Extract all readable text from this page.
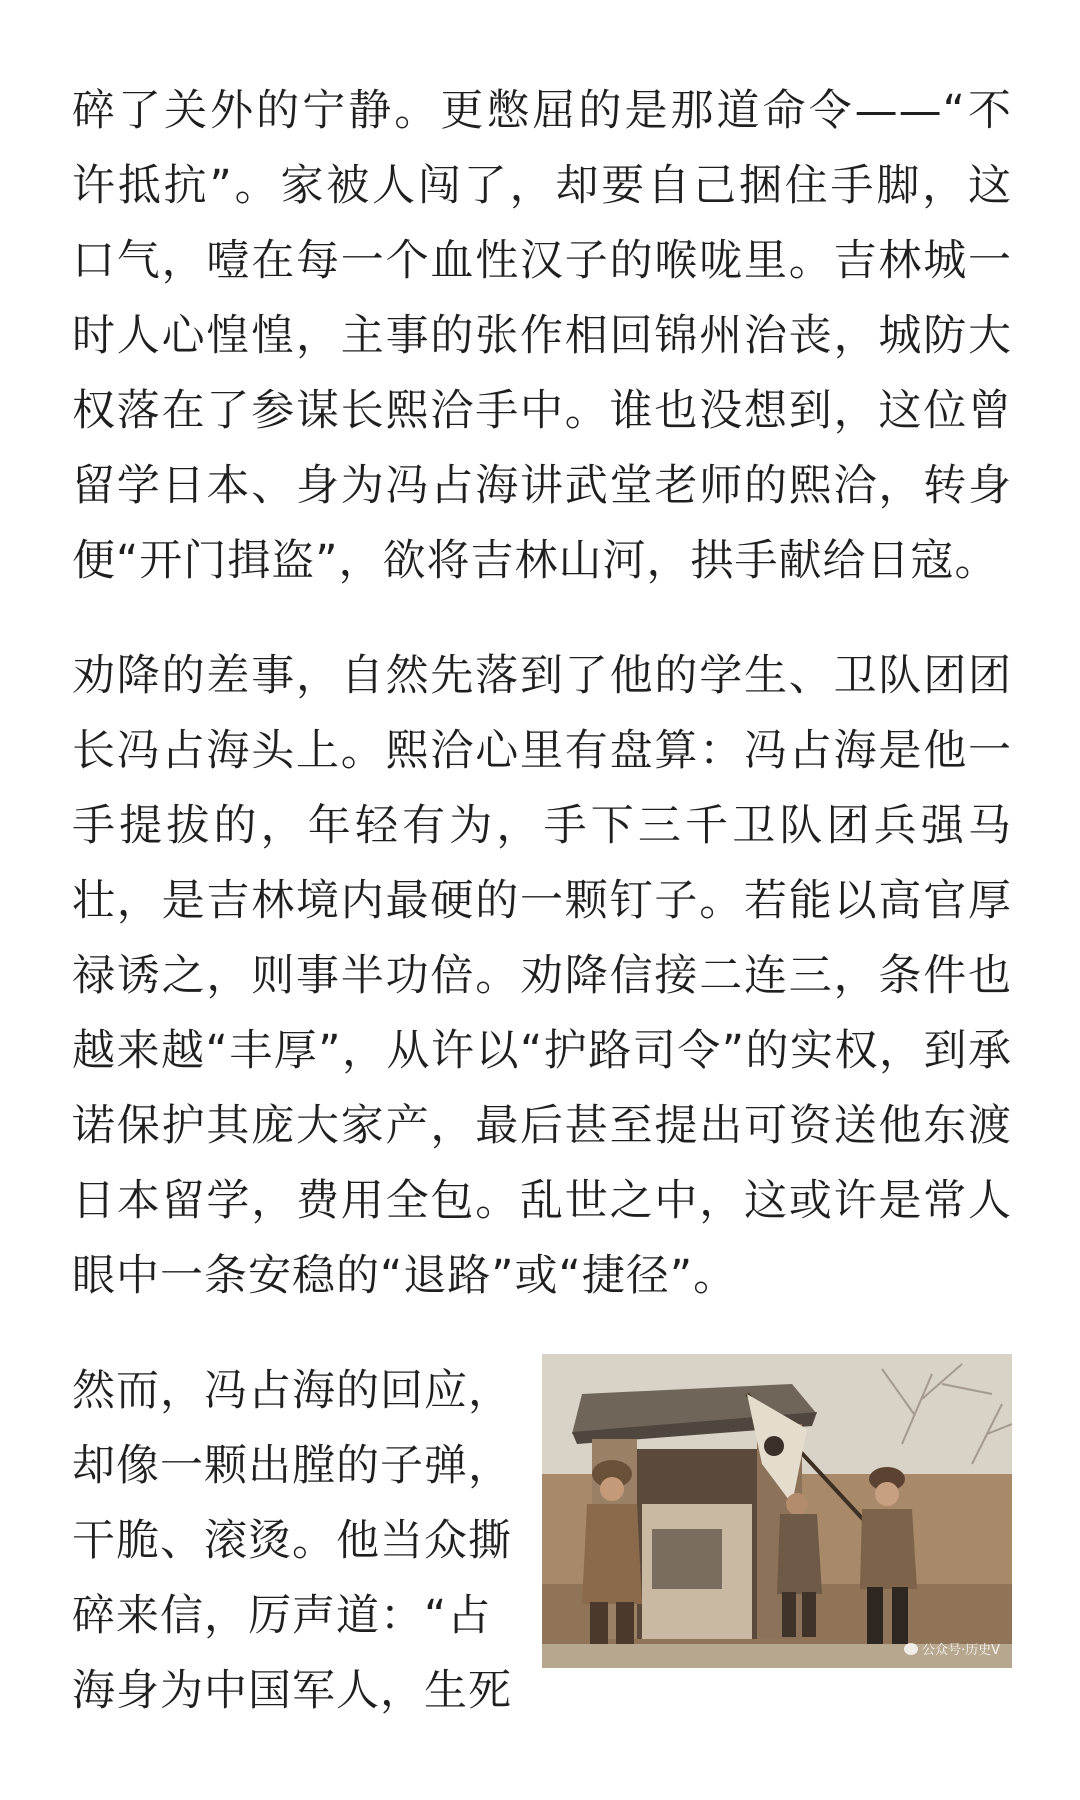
碎了关外的宁静。更憋屈的是那道命令——“不许抵抗”。家被人闯了，却要自己捆住手脚，这口气，噎在每一个血性汉子的喉咙里。吉林城一时人心惶惶，主事的张作相回锦州治丧，城防大权落在了参谋长熙洽手中。谁也没想到，这位曾留学日本、身为冯占海讲武堂老师的熙洽，转身便“开门揖盗”，欲将吉林山河，拱手献给日寇。

劝降的差事，自然先落到了他的学生、卫队团团长冯占海头上。熙洽心里有盘算：冯占海是他一手提拔的，年轻有为，手下三千卫队团兵强马壮，是吉林境内最硬的一颗钉子。若能以高官厚禄诱之，则事半功倍。劝降信接二连三，条件也越来越“丰厚”，从许以“护路司令”的实权，到承诺保护其庞大家产，最后甚至提出可资送他东渡日本留学，费用全包。乱世之中，这或许是常人眼中一条安稳的“退路”或“捷径”。

然而，冯占海的回应，却像一颗出膛的子弹，干脆、滚烫。他当众撕碎来信，厉声道：“占海身为中国军人，生死

公众号·历史V
